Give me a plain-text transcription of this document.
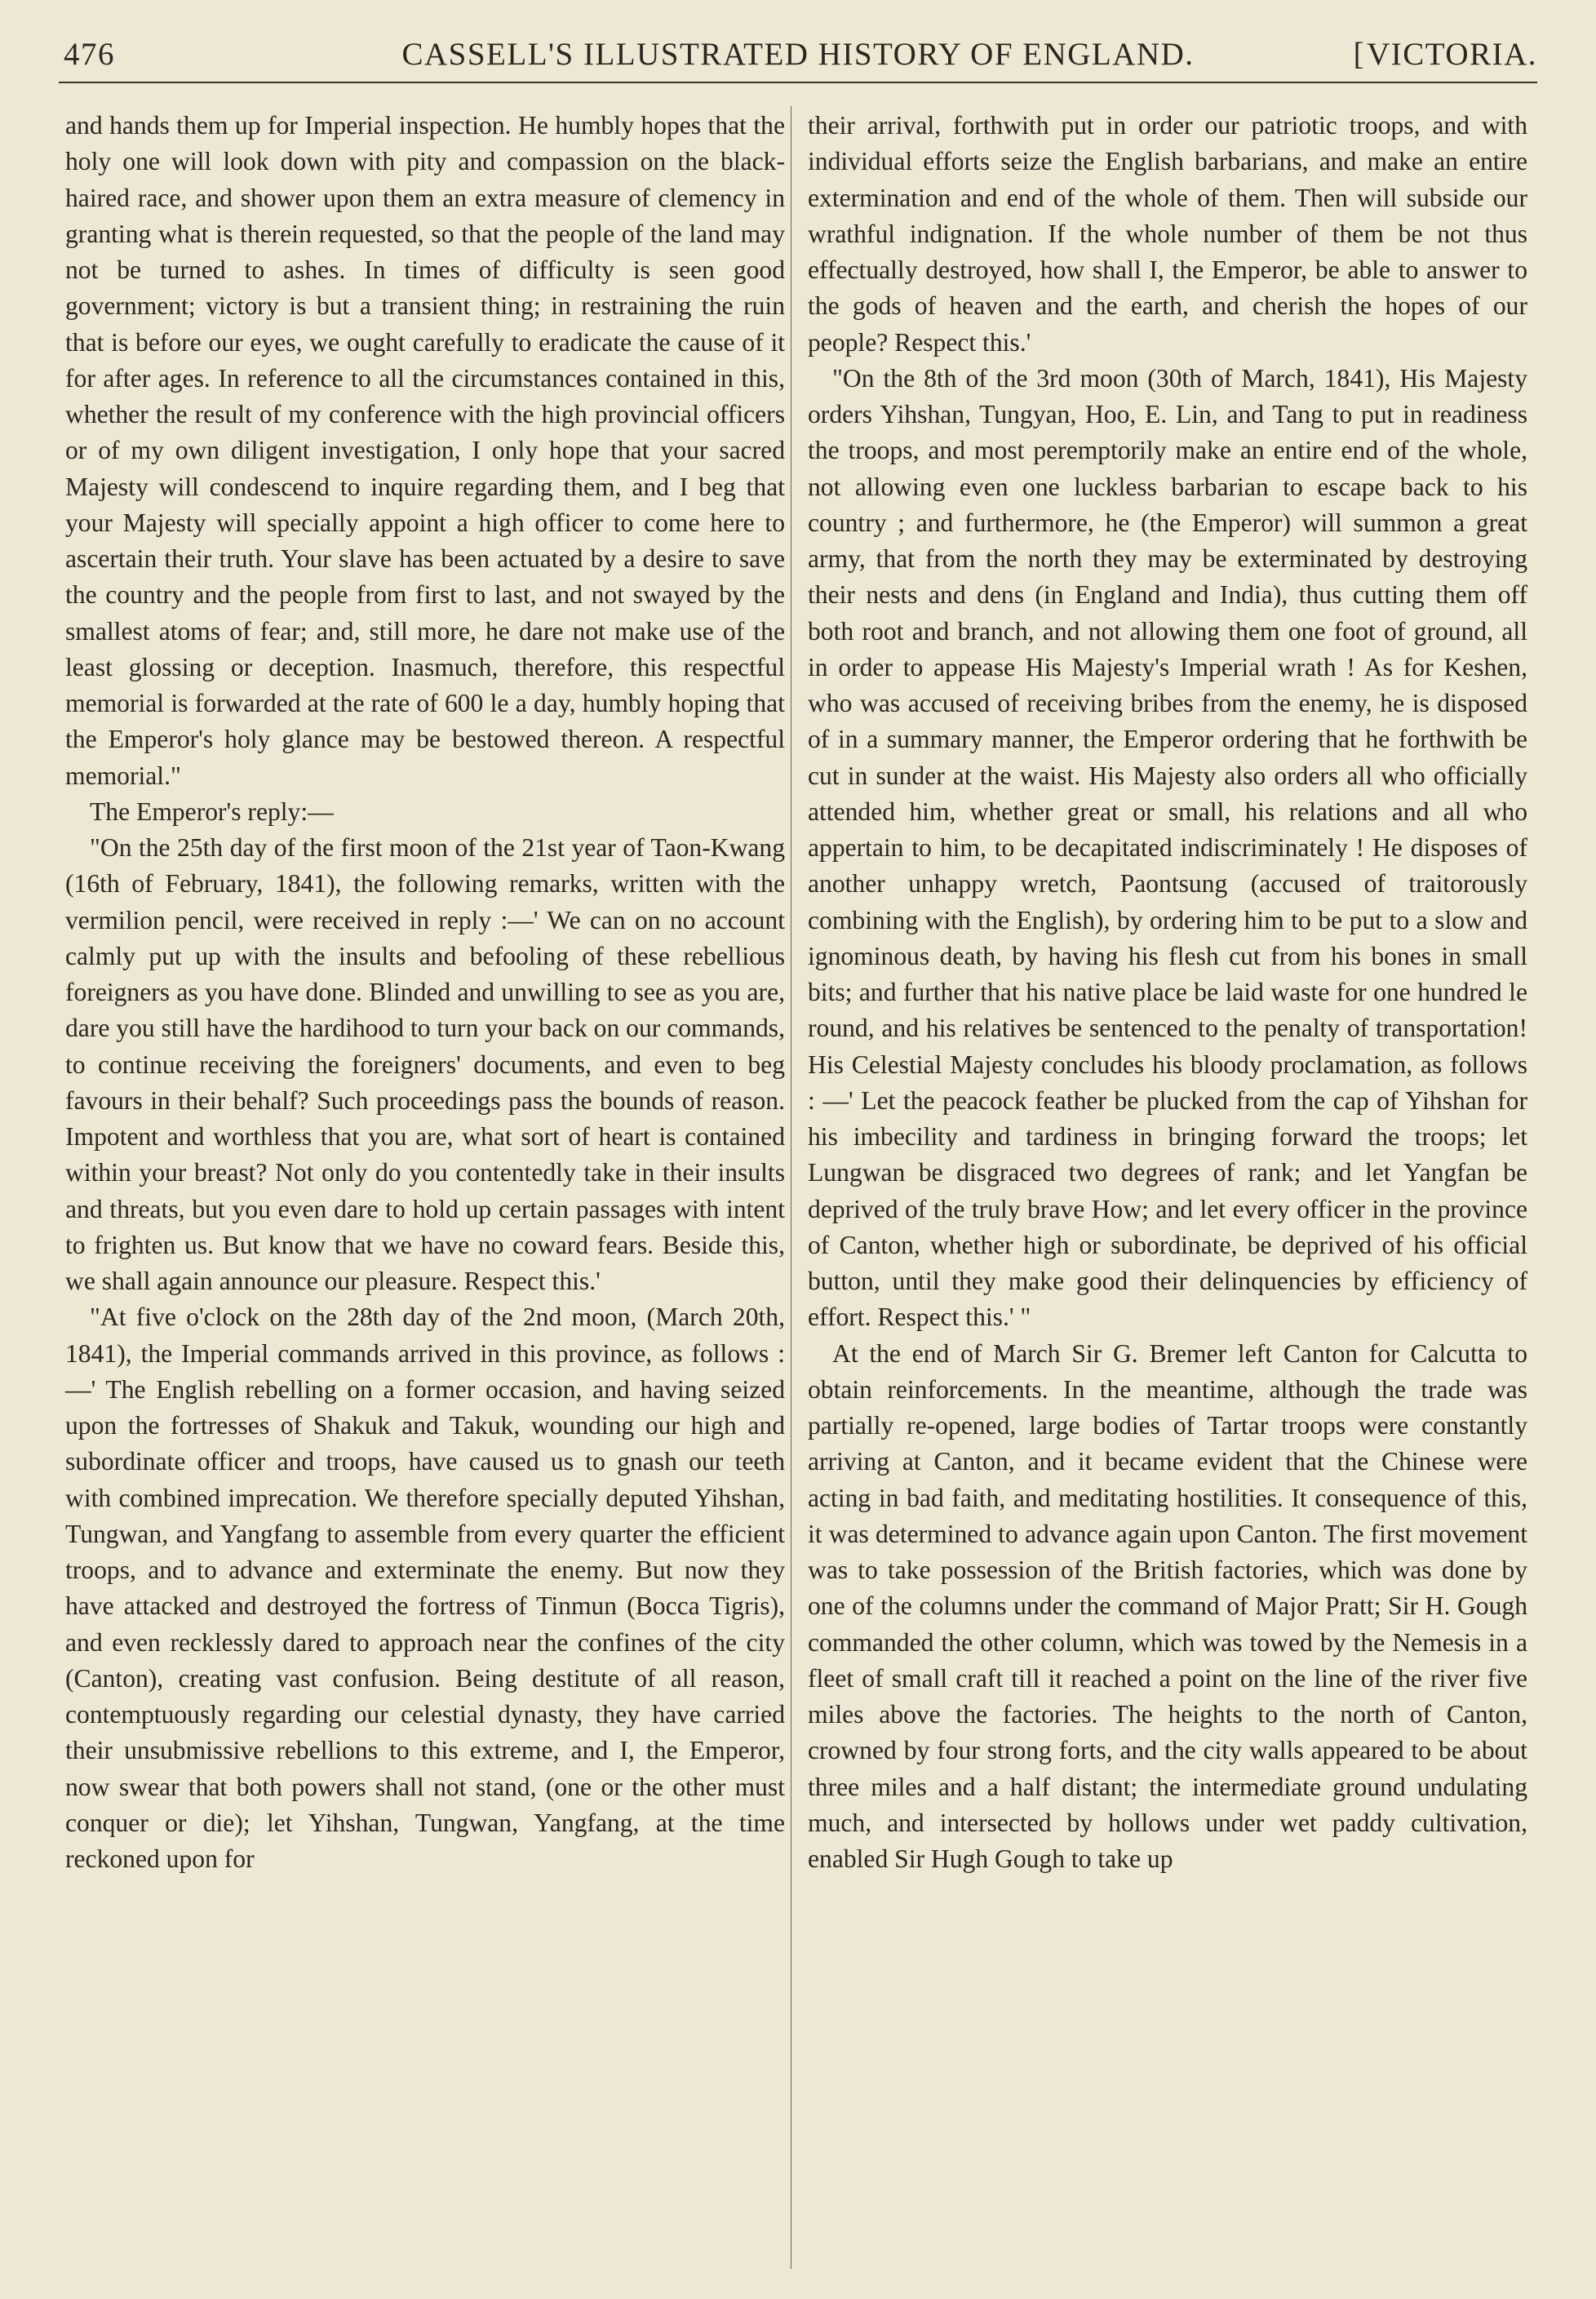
476	CASSELL'S ILLUSTRATED HISTORY OF ENGLAND.	[VICTORIA.

and hands them up for Imperial inspection. He humbly hopes that the holy one will look down with pity and compassion on the black-haired race, and shower upon them an extra measure of clemency in granting what is therein requested, so that the people of the land may not be turned to ashes. In times of difficulty is seen good government; victory is but a transient thing; in restraining the ruin that is before our eyes, we ought carefully to eradicate the cause of it for after ages. In reference to all the circumstances contained in this, whether the result of my conference with the high provincial officers or of my own diligent investigation, I only hope that your sacred Majesty will condescend to inquire regarding them, and I beg that your Majesty will specially appoint a high officer to come here to ascertain their truth. Your slave has been actuated by a desire to save the country and the people from first to last, and not swayed by the smallest atoms of fear; and, still more, he dare not make use of the least glossing or deception. Inasmuch, therefore, this respectful memorial is forwarded at the rate of 600 le a day, humbly hoping that the Emperor's holy glance may be bestowed thereon. A respectful memorial."

The Emperor's reply:—

"On the 25th day of the first moon of the 21st year of Taon-Kwang (16th of February, 1841), the following remarks, written with the vermilion pencil, were received in reply :—' We can on no account calmly put up with the insults and befooling of these rebellious foreigners as you have done. Blinded and unwilling to see as you are, dare you still have the hardihood to turn your back on our commands, to continue receiving the foreigners' documents, and even to beg favours in their behalf? Such proceedings pass the bounds of reason. Impotent and worthless that you are, what sort of heart is contained within your breast? Not only do you contentedly take in their insults and threats, but you even dare to hold up certain passages with intent to frighten us. But know that we have no coward fears. Beside this, we shall again announce our pleasure. Respect this.'

"At five o'clock on the 28th day of the 2nd moon, (March 20th, 1841), the Imperial commands arrived in this province, as follows :—' The English rebelling on a former occasion, and having seized upon the fortresses of Shakuk and Takuk, wounding our high and subordinate officer and troops, have caused us to gnash our teeth with combined imprecation. We therefore specially deputed Yihshan, Tungwan, and Yangfang to assemble from every quarter the efficient troops, and to advance and exterminate the enemy. But now they have attacked and destroyed the fortress of Tinmun (Bocca Tigris), and even recklessly dared to approach near the confines of the city (Canton), creating vast confusion. Being destitute of all reason, contemptuously regarding our celestial dynasty, they have carried their unsubmissive rebellions to this extreme, and I, the Emperor, now swear that both powers shall not stand, (one or the other must conquer or die); let Yihshan, Tungwan, Yangfang, at the time reckoned upon for

their arrival, forthwith put in order our patriotic troops, and with individual efforts seize the English barbarians, and make an entire extermination and end of the whole of them. Then will subside our wrathful indignation. If the whole number of them be not thus effectually destroyed, how shall I, the Emperor, be able to answer to the gods of heaven and the earth, and cherish the hopes of our people? Respect this.'

"On the 8th of the 3rd moon (30th of March, 1841), His Majesty orders Yihshan, Tungyan, Hoo, E. Lin, and Tang to put in readiness the troops, and most peremptorily make an entire end of the whole, not allowing even one luckless barbarian to escape back to his country ; and furthermore, he (the Emperor) will summon a great army, that from the north they may be exterminated by destroying their nests and dens (in England and India), thus cutting them off both root and branch, and not allowing them one foot of ground, all in order to appease His Majesty's Imperial wrath ! As for Keshen, who was accused of receiving bribes from the enemy, he is disposed of in a summary manner, the Emperor ordering that he forthwith be cut in sunder at the waist. His Majesty also orders all who officially attended him, whether great or small, his relations and all who appertain to him, to be decapitated indiscriminately ! He disposes of another unhappy wretch, Paontsung (accused of traitorously combining with the English), by ordering him to be put to a slow and ignominous death, by having his flesh cut from his bones in small bits; and further that his native place be laid waste for one hundred le round, and his relatives be sentenced to the penalty of transportation! His Celestial Majesty concludes his bloody proclamation, as follows : —' Let the peacock feather be plucked from the cap of Yihshan for his imbecility and tardiness in bringing forward the troops; let Lungwan be disgraced two degrees of rank; and let Yangfan be deprived of the truly brave How; and let every officer in the province of Canton, whether high or subordinate, be deprived of his official button, until they make good their delinquencies by efficiency of effort. Respect this.' "

At the end of March Sir G. Bremer left Canton for Calcutta to obtain reinforcements. In the meantime, although the trade was partially re-opened, large bodies of Tartar troops were constantly arriving at Canton, and it became evident that the Chinese were acting in bad faith, and meditating hostilities. It consequence of this, it was determined to advance again upon Canton. The first movement was to take possession of the British factories, which was done by one of the columns under the command of Major Pratt; Sir H. Gough commanded the other column, which was towed by the Nemesis in a fleet of small craft till it reached a point on the line of the river five miles above the factories. The heights to the north of Canton, crowned by four strong forts, and the city walls appeared to be about three miles and a half distant; the intermediate ground undulating much, and intersected by hollows under wet paddy cultivation, enabled Sir Hugh Gough to take up
